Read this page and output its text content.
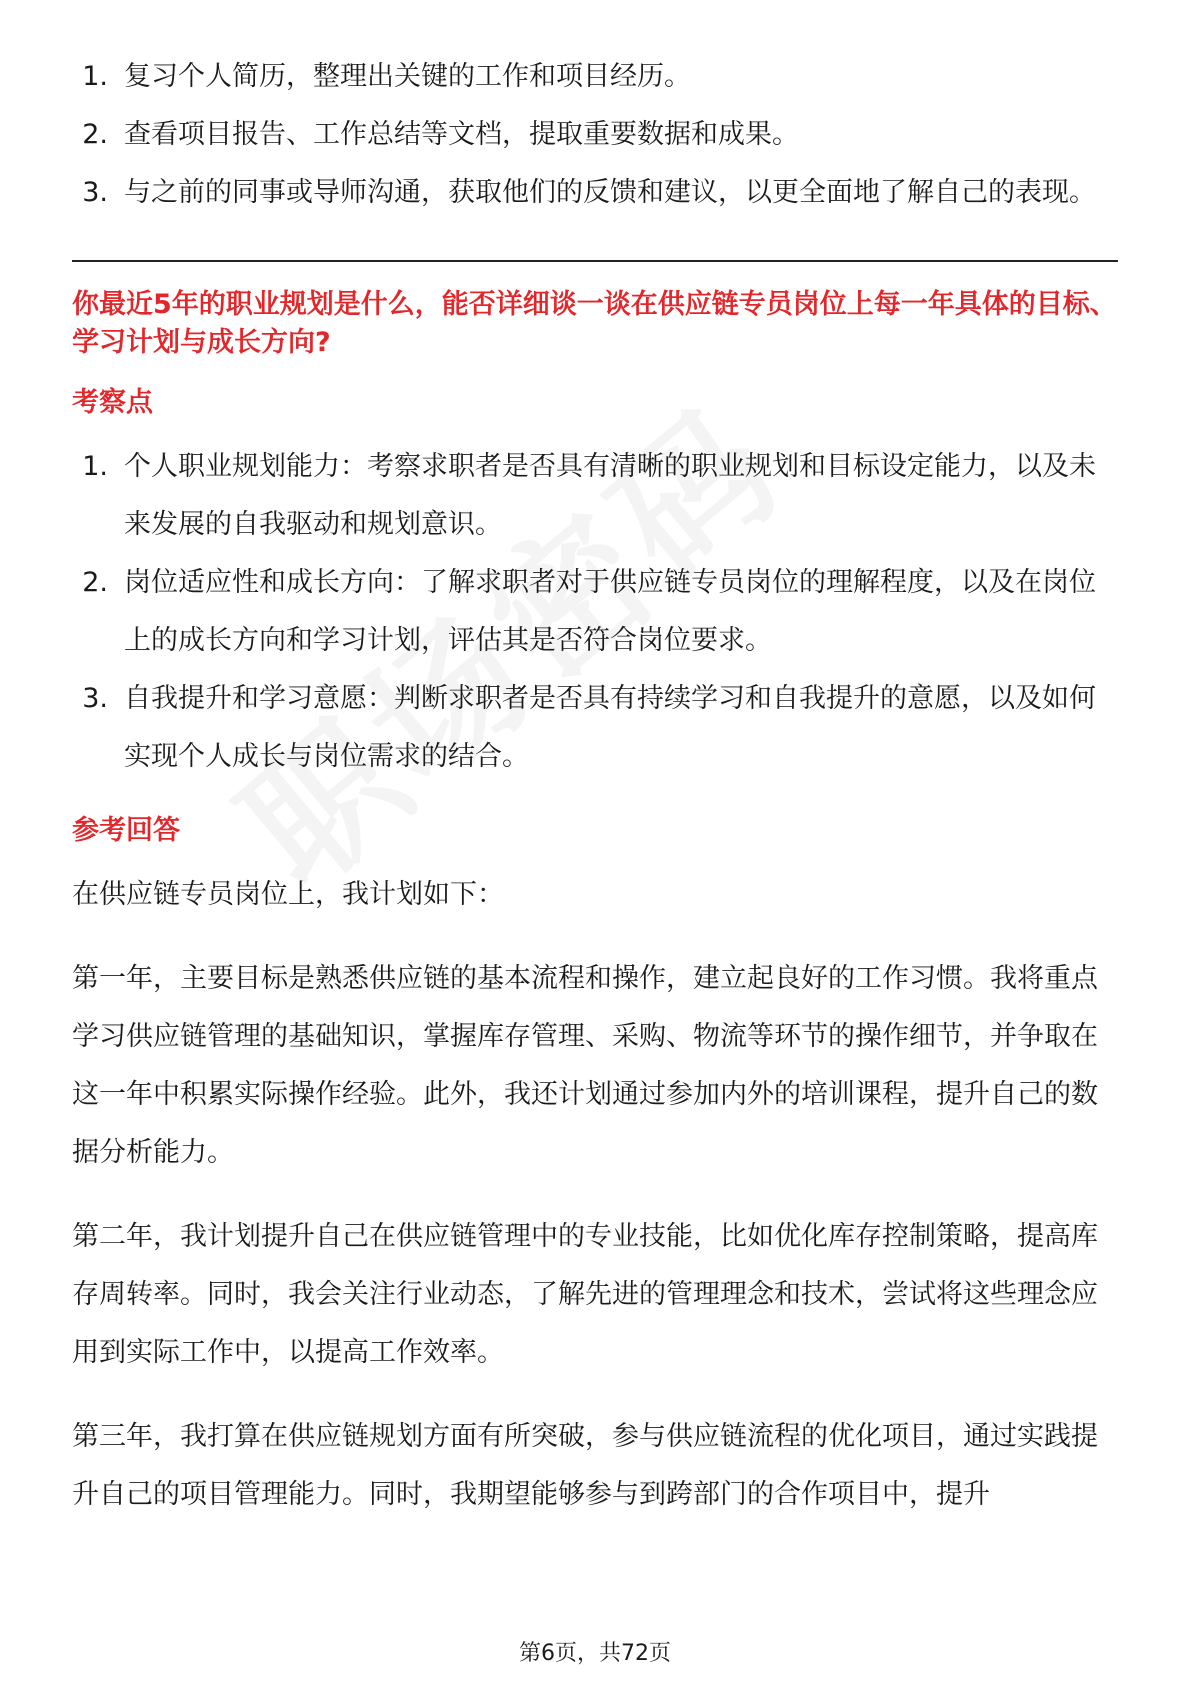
1. 复习个人简历，整理出关键的工作和项目经历。
2. 查看项目报告、工作总结等文档，提取重要数据和成果。
3. 与之前的同事或导师沟通，获取他们的反馈和建议，以更全面地了解自己的表现。

你最近5年的职业规划是什么，能否详细谈一谈在供应链专员岗位上每一年具体的目标、学习计划与成长方向?

考察点
1. 个人职业规划能力：考察求职者是否具有清晰的职业规划和目标设定能力，以及未来发展的自我驱动和规划意识。
2. 岗位适应性和成长方向：了解求职者对于供应链专员岗位的理解程度，以及在岗位上的成长方向和学习计划，评估其是否符合岗位要求。
3. 自我提升和学习意愿：判断求职者是否具有持续学习和自我提升的意愿，以及如何实现个人成长与岗位需求的结合。
参考回答

在供应链专员岗位上，我计划如下：

第一年，主要目标是熟悉供应链的基本流程和操作，建立起良好的工作习惯。我将重点学习供应链管理的基础知识，掌握库存管理、采购、物流等环节的操作细节，并争取在这一年中积累实际操作经验。此外，我还计划通过参加内外的培训课程，提升自己的数据分析能力。

第二年，我计划提升自己在供应链管理中的专业技能，比如优化库存控制策略，提高库存周转率。同时，我会关注行业动态，了解先进的管理理念和技术，尝试将这些理念应用到实际工作中，以提高工作效率。

第三年，我打算在供应链规划方面有所突破，参与供应链流程的优化项目，通过实践提升自己的项目管理能力。同时，我期望能够参与到跨部门的合作项目中，提升

第6页，共72页
